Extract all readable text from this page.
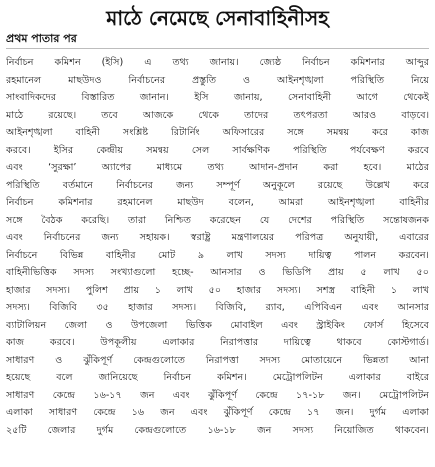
মাঠে নেমেছে সেনাবাহিনীসহ
প্রথম পাতার পর
নির্বাচন কমিশন (ইসি) এ তথ্য জানায়। জ্যেষ্ঠ নির্বাচন কমিশনার আব্দুর
রহমানেল মাছউদও নির্বাচনের প্রস্তুতি ও আইনশৃঙ্খলা পরিস্থিতি নিয়ে
সাংবাদিকদের বিস্তারিত জানান। ইসি জানায়, সেনাবাহিনী আগে থেকেই
মাঠে রয়েছে। তবে আজকে থেকে তাদের তৎপরতা আরও বাড়বে।
আইনশৃঙ্খলা বাহিনী সংশ্লিষ্ট রিটার্নিং অফিসারের সঙ্গে সমন্বয় করে কাজ
করবে। ইসির কেন্দ্রীয় সমন্বয় সেল সার্বক্ষণিক পরিস্থিতি পর্যবেক্ষণ করবে
এবং ‘সুরক্ষা’ অ্যাপের মাধ্যমে তথ্য আদান-প্রদান করা হবে। মাঠের
পরিস্থিতি বর্তমানে নির্বাচনের জন্য সম্পূর্ণ অনুকূলে রয়েছে উল্লেখ করে
নির্বাচন কমিশনার রহমানেল মাছউদ বলেন, আমরা আইনশৃঙ্খলা বাহিনীর
সঙ্গে বৈঠক করেছি। তারা নিশ্চিত করেছেন যে দেশের পরিস্থিতি সন্তোষজনক
এবং নির্বাচনের জন্য সহায়ক। স্বরাষ্ট্র মন্ত্রণালয়ের পরিপত্র অনুযায়ী, এবারের
নির্বাচনে বিভিন্ন বাহিনীর মোট ৯ লাখ সদস্য দায়িত্ব পালন করবেন।
বাহিনীভিত্তিক সদস্য সংখ্যাগুলো হচ্ছে- আনসার ও ভিডিপি প্রায় ৫ লাখ ৫০
হাজার সদস্য। পুলিশ প্রায় ১ লাখ ৫০ হাজার সদস্য। সশস্ত্র বাহিনী ১ লাখ
সদস্য। বিজিবি ৩৫ হাজার সদস্য। বিজিবি, র‍্যাব, এপিবিএন এবং আনসার
ব্যাটালিয়ন জেলা ও উপজেলা ভিত্তিক মোবাইল এবং স্ট্রাইকিং ফোর্স হিসেবে
কাজ করবে। উপকূলীয় এলাকার নিরাপত্তার দায়িত্বে থাকবে কোস্টগার্ড।
সাধারণ ও ঝুঁকিপূর্ণ কেন্দ্রগুলোতে নিরাপত্তা সদস্য মোতায়েনে ভিন্নতা আনা
হয়েছে বলে জানিয়েছে নির্বাচন কমিশন। মেট্রোপলিটন এলাকার বাইরে
সাধারণ কেন্দ্রে ১৬-১৭ জন এবং ঝুঁকিপূর্ণ কেন্দ্রে ১৭-১৮ জন। মেট্রোপলিটন
এলাকা সাধারণ কেন্দ্রে ১৬ জন এবং ঝুঁকিপূর্ণ কেন্দ্রে ১৭ জন। দুর্গম এলাকা
২৫টি জেলার দুর্গম কেন্দ্রগুলোতে ১৬-১৮ জন সদস্য নিয়োজিত থাকবেন।
